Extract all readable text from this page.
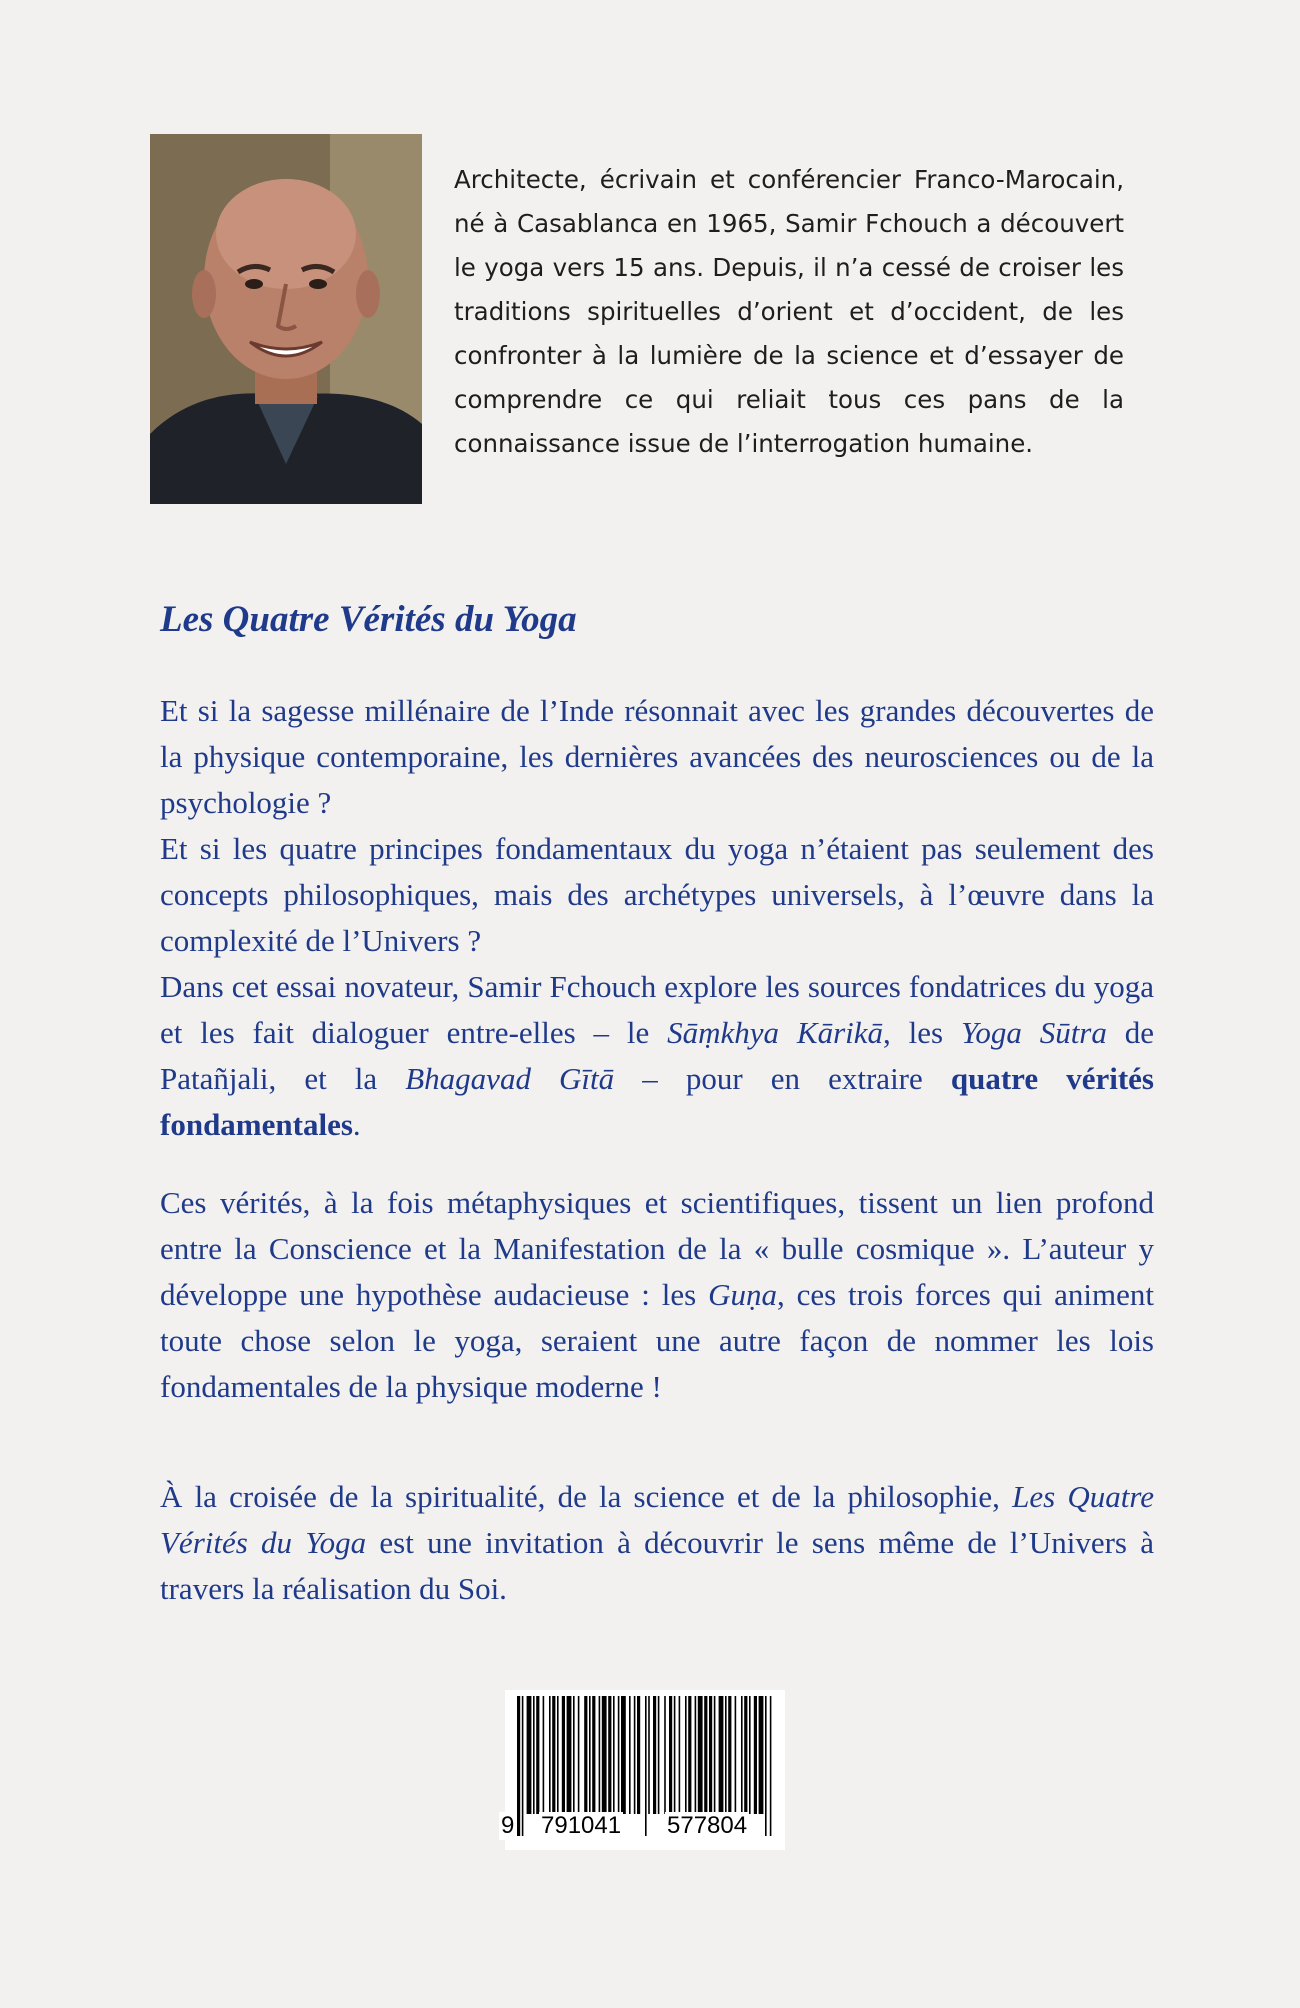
Architecte, écrivain et conférencier Franco-Marocain, né à Casablanca en 1965, Samir Fchouch a découvert le yoga vers 15 ans. Depuis, il n’a cessé de croiser les traditions spirituelles d’orient et d’occident, de les confronter à la lumière de la science et d’essayer de comprendre ce qui reliait tous ces pans de la connaissance issue de l’interrogation humaine.

Les Quatre Vérités du Yoga

Et si la sagesse millénaire de l’Inde résonnait avec les grandes découvertes de la physique contemporaine, les dernières avancées des neurosciences ou de la psychologie ?
Et si les quatre principes fondamentaux du yoga n’étaient pas seulement des concepts philosophiques, mais des archétypes universels, à l’œuvre dans la complexité de l’Univers ?
Dans cet essai novateur, Samir Fchouch explore les sources fondatrices du yoga et les fait dialoguer entre-elles – le Sāṃkhya Kārikā, les Yoga Sūtra de Patañjali, et la Bhagavad Gītā – pour en extraire quatre vérités fondamentales.

Ces vérités, à la fois métaphysiques et scientifiques, tissent un lien profond entre la Conscience et la Manifestation de la « bulle cosmique ». L’auteur y développe une hypothèse audacieuse : les Guṇa, ces trois forces qui animent toute chose selon le yoga, seraient une autre façon de nommer les lois fondamentales de la physique moderne !

À la croisée de la spiritualité, de la science et de la philosophie, Les Quatre Vérités du Yoga est une invitation à découvrir le sens même de l’Univers à travers la réalisation du Soi.

9 791041 577804
